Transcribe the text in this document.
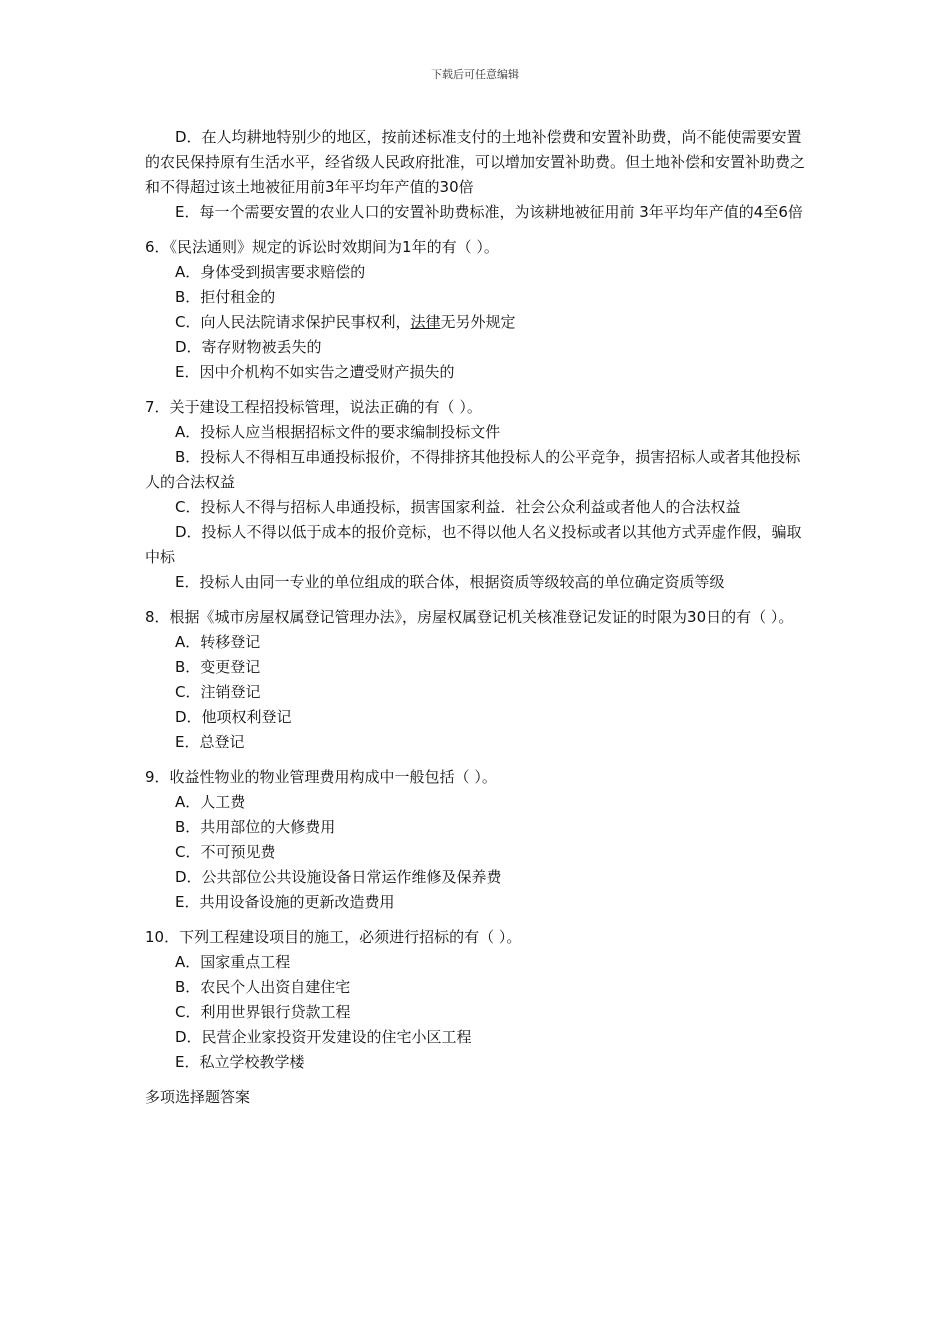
下载后可任意编辑

D．在人均耕地特别少的地区，按前述标准支付的土地补偿费和安置补助费，尚不能使需要安置的农民保持原有生活水平，经省级人民政府批准，可以增加安置补助费。但土地补偿和安置补助费之和不得超过该土地被征用前3年平均年产值的30倍

E．每一个需要安置的农业人口的安置补助费标准，为该耕地被征用前 3年平均年产值的4至6倍

6．《民法通则》规定的诉讼时效期间为1年的有（ ）。

A．身体受到损害要求赔偿的

B．拒付租金的

C．向人民法院请求保护民事权利，法律无另外规定

D．寄存财物被丢失的

E．因中介机构不如实告之遭受财产损失的

7．关于建设工程招投标管理，说法正确的有（ ）。

A．投标人应当根据招标文件的要求编制投标文件

B．投标人不得相互串通投标报价，不得排挤其他投标人的公平竞争，损害招标人或者其他投标人的合法权益

C．投标人不得与招标人串通投标，损害国家利益．社会公众利益或者他人的合法权益

D．投标人不得以低于成本的报价竞标，也不得以他人名义投标或者以其他方式弄虚作假，骗取中标

E．投标人由同一专业的单位组成的联合体，根据资质等级较高的单位确定资质等级

8．根据《城市房屋权属登记管理办法》，房屋权属登记机关核准登记发证的时限为30日的有（ ）。

A．转移登记

B．变更登记

C．注销登记

D．他项权利登记

E．总登记

9．收益性物业的物业管理费用构成中一般包括（ ）。

A．人工费

B．共用部位的大修费用

C．不可预见费

D．公共部位公共设施设备日常运作维修及保养费

E．共用设备设施的更新改造费用

10．下列工程建设项目的施工，必须进行招标的有（ ）。

A．国家重点工程

B．农民个人出资自建住宅

C．利用世界银行贷款工程

D．民营企业家投资开发建设的住宅小区工程

E．私立学校教学楼

多项选择题答案
